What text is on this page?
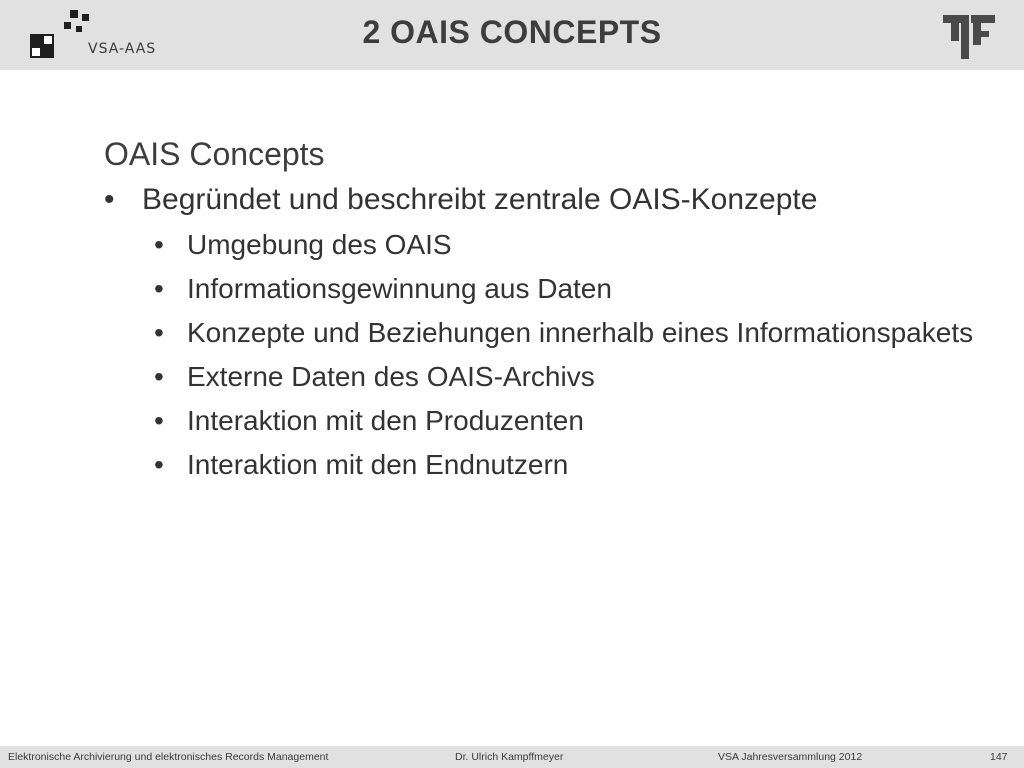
VSA-AAS	2 OAIS CONCEPTS
OAIS Concepts
• Begründet und beschreibt zentrale OAIS-Konzepte
• Umgebung des OAIS
• Informationsgewinnung aus Daten
• Konzepte und Beziehungen innerhalb eines Informationspakets
• Externe Daten des OAIS-Archivs
• Interaktion mit den Produzenten
• Interaktion mit den Endnutzern
Elektronische Archivierung und elektronisches Records Management	Dr. Ulrich Kampffmeyer	VSA Jahresversammlung 2012	147
